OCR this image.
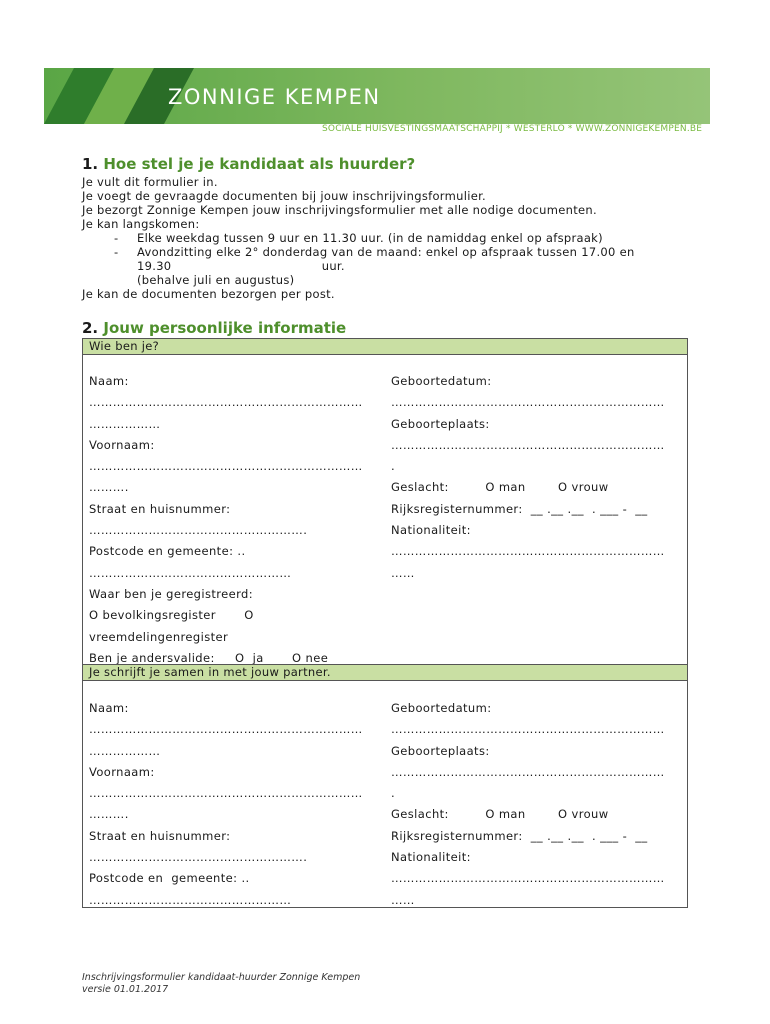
ZONNIGE KEMPEN
SOCIALE HUISVESTINGSMAATSCHAPPIJ * WESTERLO * WWW.ZONNIGEKEMPEN.BE
1. Hoe stel je je kandidaat als huurder?
Je vult dit formulier in.
Je voegt de gevraagde documenten bij jouw inschrijvingsformulier.
Je bezorgt Zonnige Kempen jouw inschrijvingsformulier met alle nodige documenten.
Je kan langskomen:
- Elke weekdag tussen 9 uur en 11.30 uur. (in de namiddag enkel op afspraak)
- Avondzitting elke 2° donderdag van de maand: enkel op afspraak tussen 17.00 en
19.30                                      uur.
(behalve juli en augustus)
Je kan de documenten bezorgen per post.
2. Jouw persoonlijke informatie
Wie ben je?
Naam:
……………………………………………………………
………………
Voornaam:
……………………………………………………………
……….
Straat en huisnummer:
……………………………………………….
Postcode en gemeente: ..
……………………………………………
Waar ben je geregistreerd:
O bevolkingsregister       O
vreemdelingenregister
Ben je andersvalide:     O  ja       O nee
Geboortedatum:
……………………………………………………………
Geboorteplaats:
……………………………………………………………
.
Geslacht:         O man        O vrouw
Rijksregisternummer:  __ .__ .__  . ___ -  __
Nationaliteit:
……………………………………………………………
……
Je schrijft je samen in met jouw partner.
Naam:
……………………………………………………………
………………
Voornaam:
……………………………………………………………
……….
Straat en huisnummer:
……………………………………………….
Postcode en  gemeente: ..
……………………………………………
Geboortedatum:
……………………………………………………………
Geboorteplaats:
……………………………………………………………
.
Geslacht:         O man        O vrouw
Rijksregisternummer:  __ .__ .__  . ___ -  __
Nationaliteit:
……………………………………………………………
……
Inschrijvingsformulier kandidaat-huurder Zonnige Kempen
versie 01.01.2017
